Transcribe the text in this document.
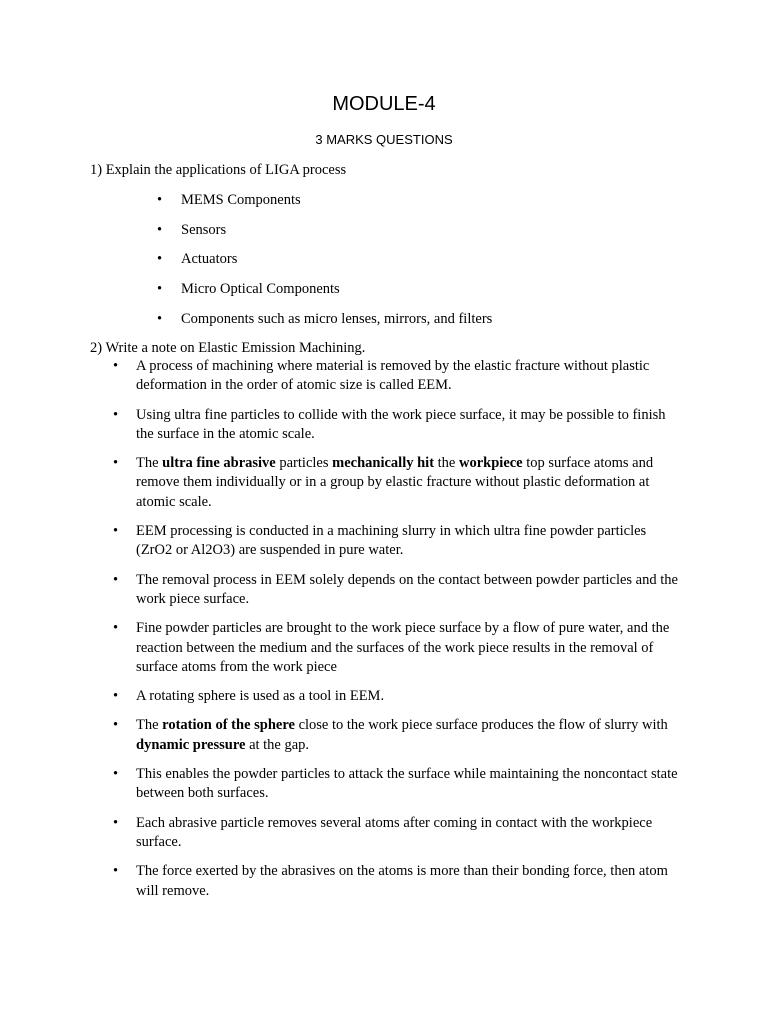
MODULE-4
3 MARKS QUESTIONS

1) Explain the applications of LIGA process

• MEMS Components
• Sensors
• Actuators
• Micro Optical Components
• Components such as micro lenses, mirrors, and filters

2) Write a note on Elastic Emission Machining.

• A process of machining where material is removed by the elastic fracture without plastic deformation in the order of atomic size is called EEM.
• Using ultra fine particles to collide with the work piece surface, it may be possible to finish the surface in the atomic scale.
• The ultra fine abrasive particles mechanically hit the workpiece top surface atoms and remove them individually or in a group by elastic fracture without plastic deformation at atomic scale.
• EEM processing is conducted in a machining slurry in which ultra fine powder particles (ZrO2 or Al2O3) are suspended in pure water.
• The removal process in EEM solely depends on the contact between powder particles and the work piece surface.
• Fine powder particles are brought to the work piece surface by a flow of pure water, and the reaction between the medium and the surfaces of the work piece results in the removal of surface atoms from the work piece
• A rotating sphere is used as a tool in EEM.
• The rotation of the sphere close to the work piece surface produces the flow of slurry with dynamic pressure at the gap.
• This enables the powder particles to attack the surface while maintaining the noncontact state between both surfaces.
• Each abrasive particle removes several atoms after coming in contact with the workpiece surface.
• The force exerted by the abrasives on the atoms is more than their bonding force, then atom will remove.
